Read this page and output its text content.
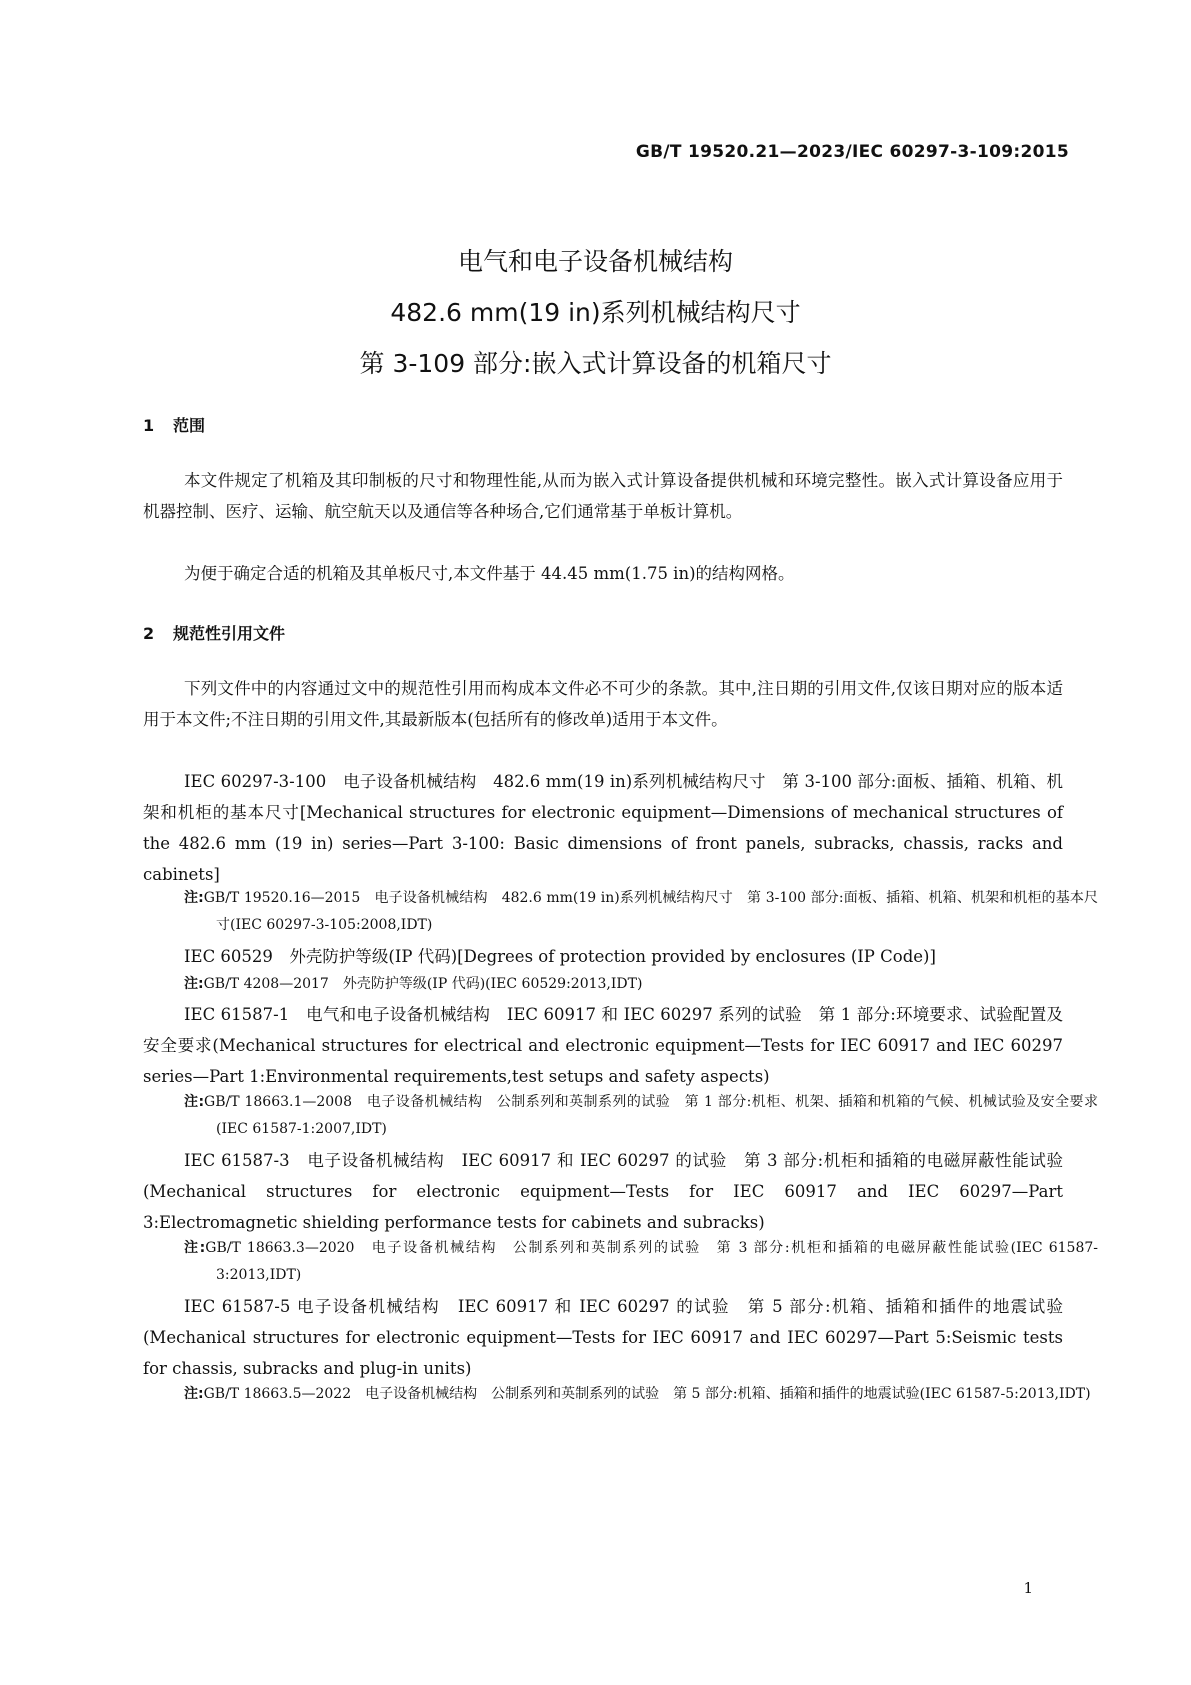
GB/T 19520.21—2023/IEC 60297-3-109:2015
电气和电子设备机械结构
482.6 mm(19 in)系列机械结构尺寸
第 3-109 部分:嵌入式计算设备的机箱尺寸
1 范围

本文件规定了机箱及其印制板的尺寸和物理性能,从而为嵌入式计算设备提供机械和环境完整性。嵌入式计算设备应用于机器控制、医疗、运输、航空航天以及通信等各种场合,它们通常基于单板计算机。

为便于确定合适的机箱及其单板尺寸,本文件基于 44.45 mm(1.75 in)的结构网格。

2 规范性引用文件

下列文件中的内容通过文中的规范性引用而构成本文件必不可少的条款。其中,注日期的引用文件,仅该日期对应的版本适用于本文件;不注日期的引用文件,其最新版本(包括所有的修改单)适用于本文件。

IEC 60297-3-100　电子设备机械结构　482.6 mm(19 in)系列机械结构尺寸　第 3-100 部分:面板、插箱、机箱、机架和机柜的基本尺寸[Mechanical structures for electronic equipment—Dimensions of mechanical structures of the 482.6 mm (19 in) series—Part 3-100: Basic dimensions of front panels, subracks, chassis, racks and cabinets]

注:GB/T 19520.16—2015　电子设备机械结构　482.6 mm(19 in)系列机械结构尺寸　第 3-100 部分:面板、插箱、机箱、机架和机柜的基本尺寸(IEC 60297-3-105:2008,IDT)

IEC 60529　外壳防护等级(IP 代码)[Degrees of protection provided by enclosures (IP Code)]

注:GB/T 4208—2017　外壳防护等级(IP 代码)(IEC 60529:2013,IDT)

IEC 61587-1　电气和电子设备机械结构　IEC 60917 和 IEC 60297 系列的试验　第 1 部分:环境要求、试验配置及安全要求(Mechanical structures for electrical and electronic equipment—Tests for IEC 60917 and IEC 60297 series—Part 1:Environmental requirements,test setups and safety aspects)

注:GB/T 18663.1—2008　电子设备机械结构　公制系列和英制系列的试验　第 1 部分:机柜、机架、插箱和机箱的气候、机械试验及安全要求(IEC 61587-1:2007,IDT)

IEC 61587-3　电子设备机械结构　IEC 60917 和 IEC 60297 的试验　第 3 部分:机柜和插箱的电磁屏蔽性能试验(Mechanical structures for electronic equipment—Tests for IEC 60917 and IEC 60297—Part 3:Electromagnetic shielding performance tests for cabinets and subracks)

注:GB/T 18663.3—2020　电子设备机械结构　公制系列和英制系列的试验　第 3 部分:机柜和插箱的电磁屏蔽性能试验(IEC 61587-3:2013,IDT)

IEC 61587-5 电子设备机械结构　IEC 60917 和 IEC 60297 的试验　第 5 部分:机箱、插箱和插件的地震试验(Mechanical structures for electronic equipment—Tests for IEC 60917 and IEC 60297—Part 5:Seismic tests for chassis, subracks and plug-in units)

注:GB/T 18663.5—2022　电子设备机械结构　公制系列和英制系列的试验　第 5 部分:机箱、插箱和插件的地震试验(IEC 61587-5:2013,IDT)

1
